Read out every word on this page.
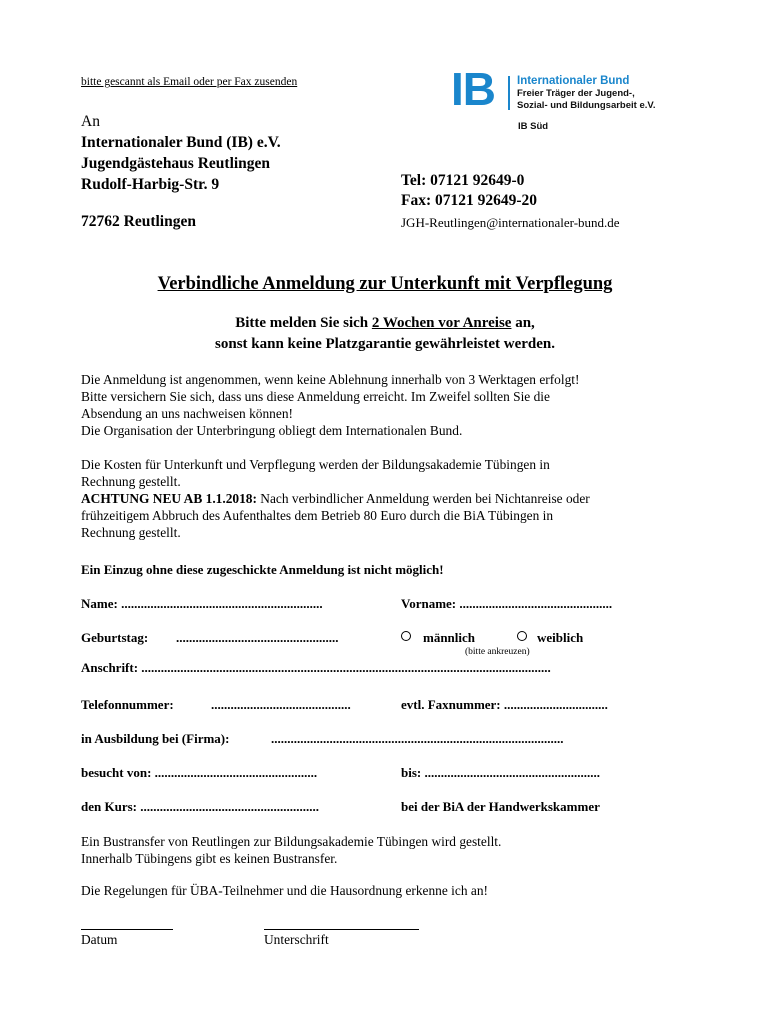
bitte gescannt als Email oder per Fax zusenden	IB Internationaler Bund
Freier Träger der Jugend-,
Sozial- und Bildungsarbeit e.V.
IB Süd
An
Internationaler Bund (IB) e.V.
Jugendgästehaus Reutlingen
Rudolf-Harbig-Str. 9
72762 Reutlingen
Tel: 07121 92649-0
Fax: 07121 92649-20
JGH-Reutlingen@internationaler-bund.de
Verbindliche Anmeldung zur Unterkunft mit Verpflegung
Bitte melden Sie sich 2 Wochen vor Anreise an,
sonst kann keine Platzgarantie gewährleistet werden.

Die Anmeldung ist angenommen, wenn keine Ablehnung innerhalb von 3 Werktagen erfolgt!

Bitte versichern Sie sich, dass uns diese Anmeldung erreicht. Im Zweifel sollten Sie die

Absendung an uns nachweisen können!

Die Organisation der Unterbringung obliegt dem Internationalen Bund.

Die Kosten für Unterkunft und Verpflegung werden der Bildungsakademie Tübingen in

Rechnung gestellt.

ACHTUNG NEU AB 1.1.2018: Nach verbindlicher Anmeldung werden bei Nichtanreise oder

frühzeitigem Abbruch des Aufenthaltes dem Betrieb 80 Euro durch die BiA Tübingen in

Rechnung gestellt.

Ein Einzug ohne diese zugeschickte Anmeldung ist nicht möglich!
Name: ..............................................................	Vorname: ...............................................
Geburtstag: ..................................................	männlich	weiblich
(bitte ankreuzen)
Anschrift: ..............................................................................................................................
Telefonnummer:	...........................................	evtl. Faxnummer: ................................
in Ausbildung bei (Firma):	..........................................................................................
besucht von: ..................................................	bis: ......................................................
den Kurs: .......................................................	bei der BiA der Handwerkskammer
Ein Bustransfer von Reutlingen zur Bildungsakademie Tübingen wird gestellt.
Innerhalb Tübingens gibt es keinen Bustransfer.
Die Regelungen für ÜBA-Teilnehmer und die Hausordnung erkenne ich an!
Datum	Unterschrift
